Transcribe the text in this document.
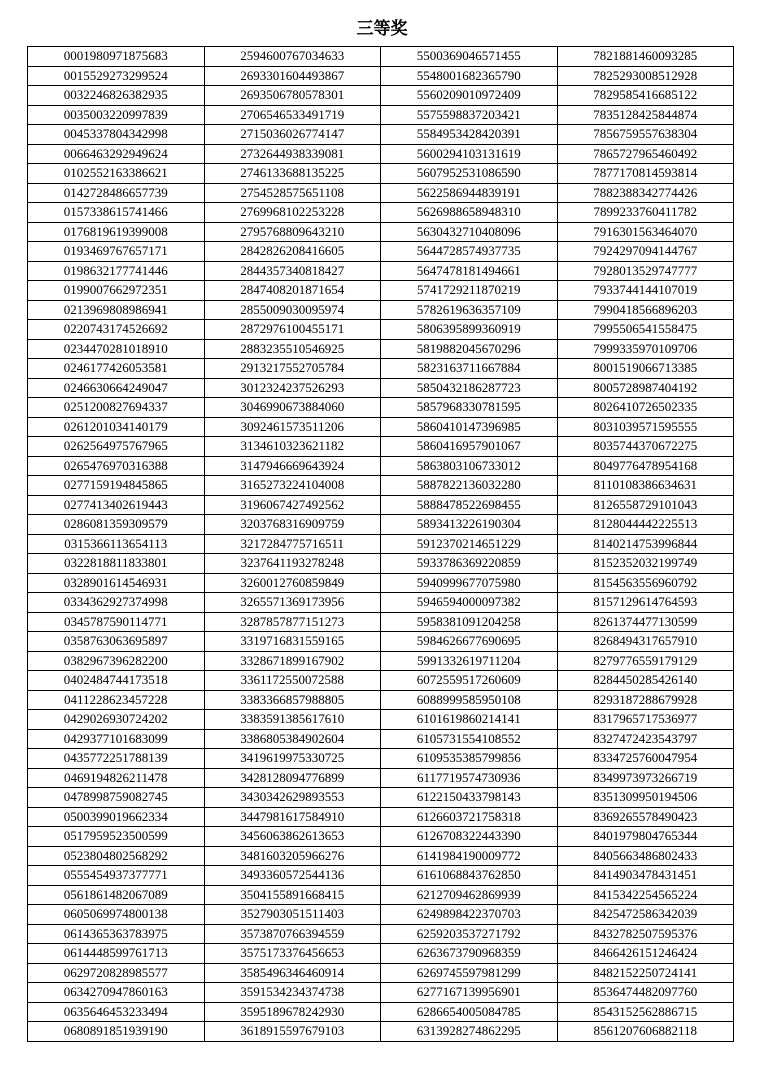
三等奖
0001980971875683	2594600767034633	5500369046571455	7821881460093285
0015529273299524	2693301604493867	5548001682365790	7825293008512928
0032246826382935	2693506780578301	5560209010972409	7829585416685122
0035003220997839	2706546533491719	5575598837203421	7835128425844874
0045337804342998	2715036026774147	5584953428420391	7856759557638304
0066463292949624	2732644938339081	5600294103131619	7865727965460492
0102552163386621	2746133688135225	5607952531086590	7877170814593814
0142728486657739	2754528575651108	5622586944839191	7882388342774426
0157338615741466	2769968102253228	5626988658948310	7899233760411782
0176819619399008	2795768809643210	5630432710408096	7916301563464070
0193469767657171	2842826208416605	5644728574937735	7924297094144767
0198632177741446	2844357340818427	5647478181494661	7928013529747777
0199007662972351	2847408201871654	5741729211870219	7933744144107019
0213969808986941	2855009030095974	5782619636357109	7990418566896203
0220743174526692	2872976100455171	5806395899360919	7995506541558475
0234470281018910	2883235510546925	5819882045670296	7999335970109706
0246177426053581	2913217552705784	5823163711667884	8001519066713385
0246630664249047	3012324237526293	5850432186287723	8005728987404192
0251200827694337	3046990673884060	5857968330781595	8026410726502335
0261201034140179	3092461573511206	5860410147396985	8031039571595555
0262564975767965	3134610323621182	5860416957901067	8035744370672275
0265476970316388	3147946669643924	5863803106733012	8049776478954168
0277159194845865	3165273224104008	5887822136032280	8110108386634631
0277413402619443	3196067427492562	5888478522698455	8126558729101043
0286081359309579	3203768316909759	5893413226190304	8128044442225513
0315366113654113	3217284775716511	5912370214651229	8140214753996844
0322818811833801	3237641193278248	5933786369220859	8152352032199749
0328901614546931	3260012760859849	5940999677075980	8154563556960792
0334362927374998	3265571369173956	5946594000097382	8157129614764593
0345787590114771	3287857877151273	5958381091204258	8261374477130599
0358763063695897	3319716831559165	5984626677690695	8268494317657910
0382967396282200	3328671899167902	5991332619711204	8279776559179129
0402484744173518	3361172550072588	6072559517260609	8284450285426140
0411228623457228	3383366857988805	6088999585950108	8293187288679928
0429026930724202	3383591385617610	6101619860214141	8317965717536977
0429377101683099	3386805384902604	6105731554108552	8327472423543797
0435772251788139	3419619975330725	6109535385799856	8334725760047954
0469194826211478	3428128094776899	6117719574730936	8349973973266719
0478998759082745	3430342629893553	6122150433798143	8351309950194506
0500399019662334	3447981617584910	6126603721758318	8369265578490423
0517959523500599	3456063862613653	6126708322443390	8401979804765344
0523804802568292	3481603205966276	6141984190009772	8405663486802433
0555454937377771	3493360572544136	6161068843762850	8414903478431451
0561861482067089	3504155891668415	6212709462869939	8415342254565224
0605069974800138	3527903051511403	6249898422370703	8425472586342039
0614365363783975	3573870766394559	6259203537271792	8432782507595376
0614448599761713	3575173376456653	6263673790968359	8466426151246424
0629720828985577	3585496346460914	6269745597981299	8482152250724141
0634270947860163	3591534234374738	6277167139956901	8536474482097760
0635646453233494	3595189678242930	6286654005084785	8543152562886715
0680891851939190	3618915597679103	6313928274862295	8561207606882118
